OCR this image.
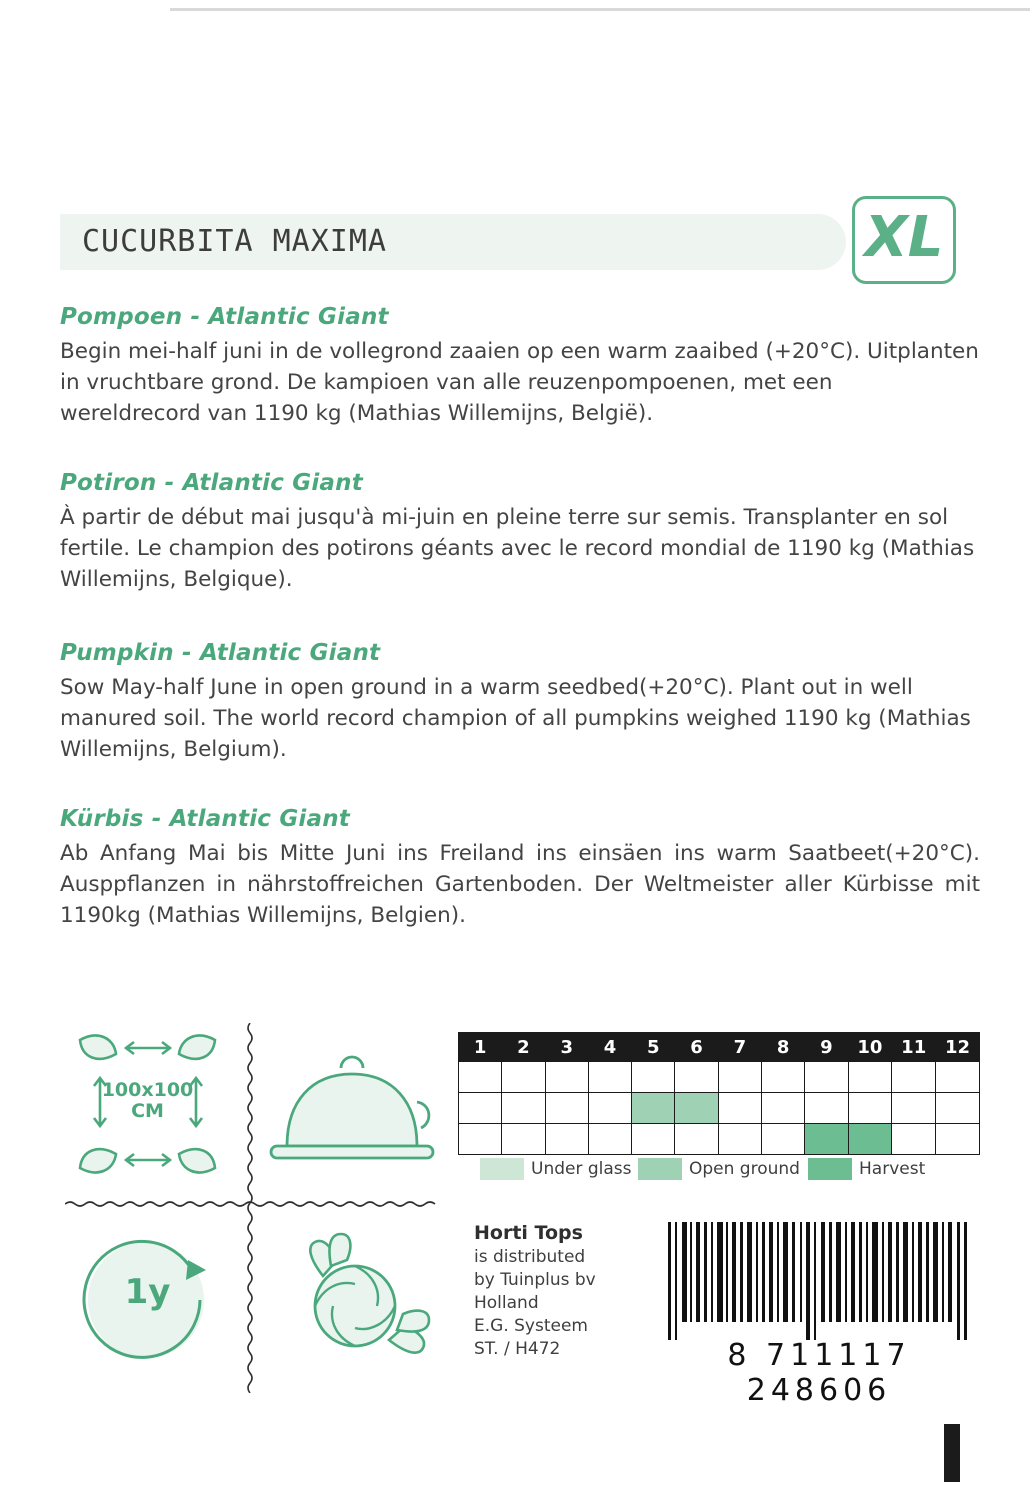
CUCURBITA MAXIMA	XL
Pompoen - Atlantic Giant

Begin mei-half juni in de vollegrond zaaien op een warm zaaibed (+20°C). Uitplanten in vruchtbare grond. De kampioen van alle reuzenpompoenen, met een wereldrecord van 1190 kg (Mathias Willemijns, België).

Potiron - Atlantic Giant

À partir de début mai jusqu'à mi-juin en pleine terre sur semis. Transplanter en sol fertile. Le champion des potirons géants avec le record mondial de 1190 kg (Mathias Willemijns, Belgique).

Pumpkin - Atlantic Giant

Sow May-half June in open ground in a warm seedbed(+20°C). Plant out in well manured soil. The world record champion of all pumpkins weighed 1190 kg (Mathias Willemijns, Belgium).

Kürbis - Atlantic Giant

Ab Anfang Mai bis Mitte Juni ins Freiland ins einsäen ins warm Saatbeet(+20°C). Ausppflanzen in nährstoffreichen Gartenboden. Der Weltmeister aller Kürbisse mit 1190kg (Mathias Willemijns, Belgien).

100x100
CM
1y
1	2	3	4	5	6	7	8	9	10	11	12

Under glass	Open ground	Harvest
Horti Tops
is distributed
by Tuinplus bv
Holland
E.G. Systeem
ST. / H472	8 711117 248606
